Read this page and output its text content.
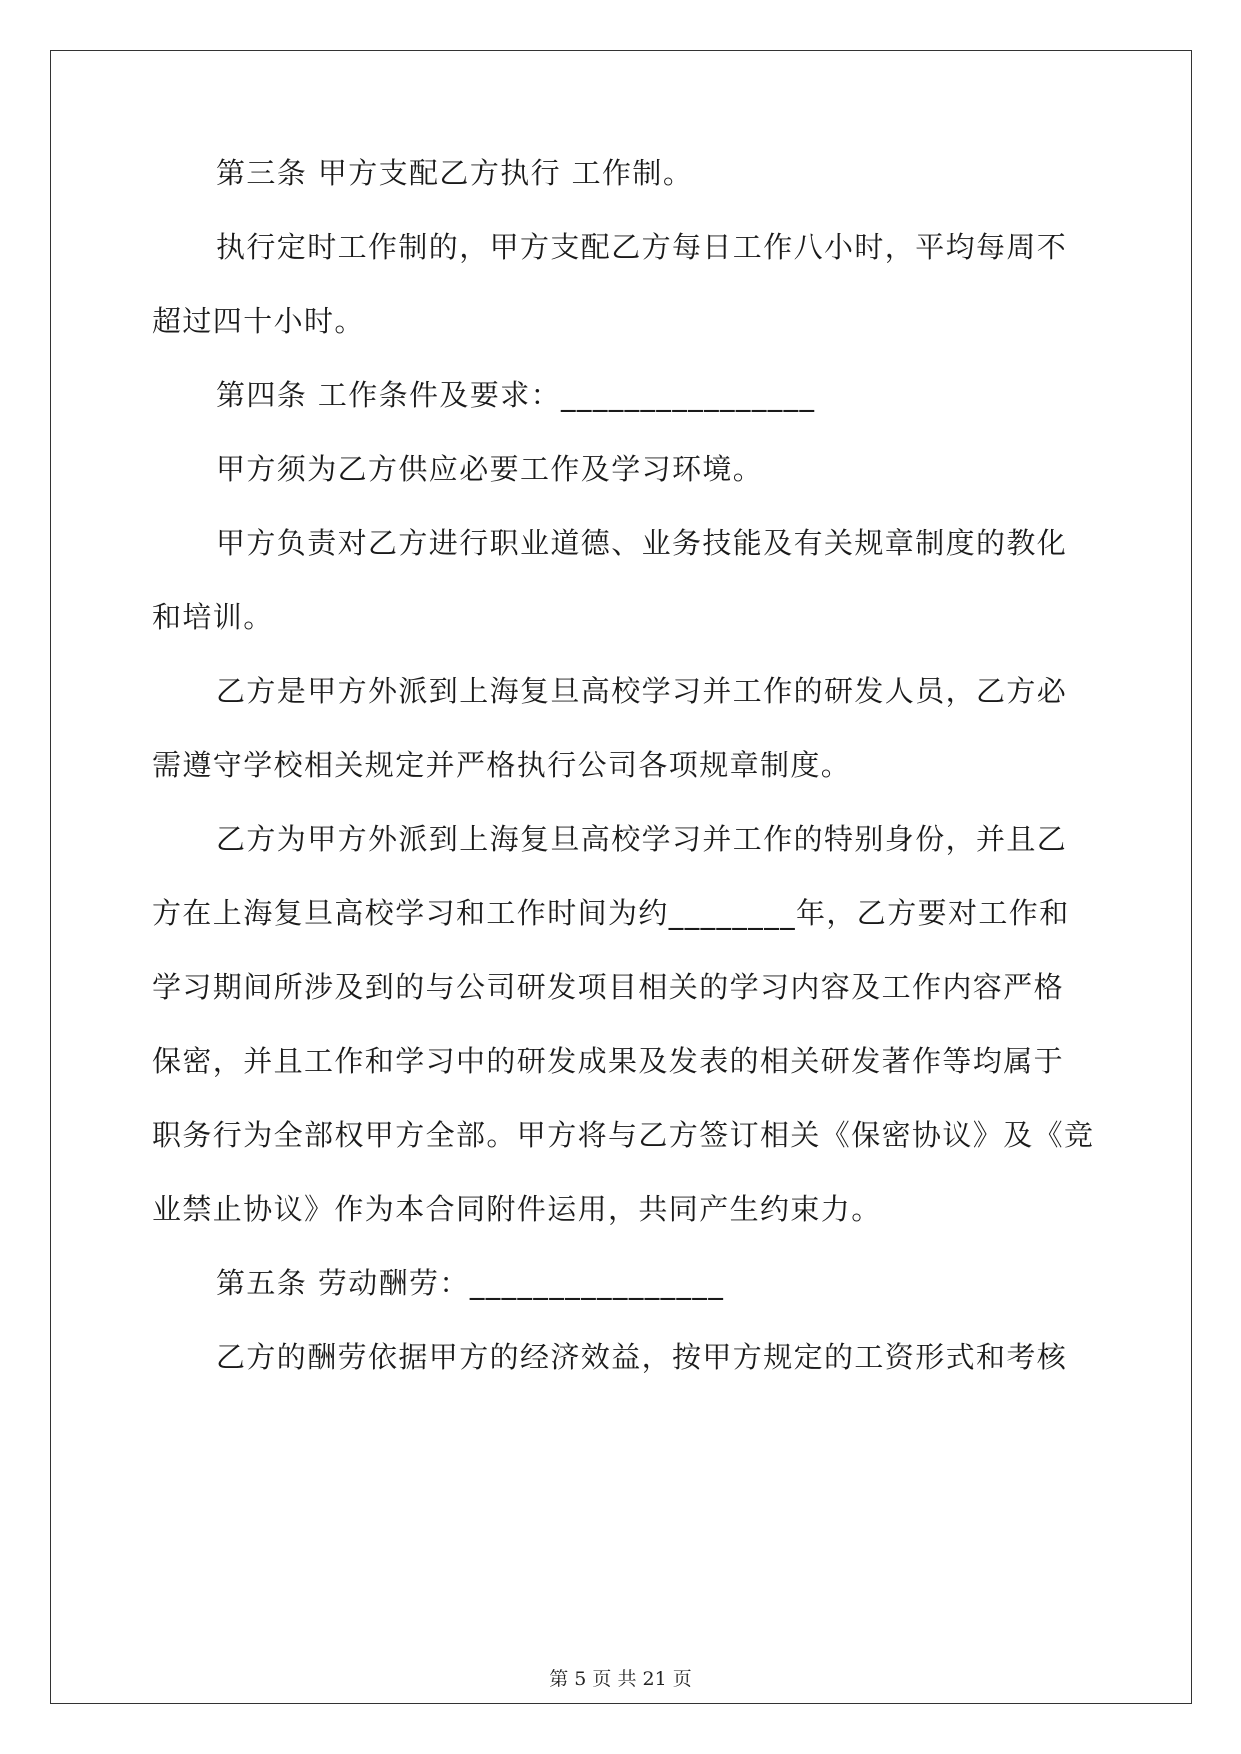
第三条 甲方支配乙方执行 工作制。
执行定时工作制的，甲方支配乙方每日工作八小时，平均每周不
超过四十小时。
第四条 工作条件及要求：________________
甲方须为乙方供应必要工作及学习环境。
甲方负责对乙方进行职业道德、业务技能及有关规章制度的教化
和培训。
乙方是甲方外派到上海复旦高校学习并工作的研发人员，乙方必
需遵守学校相关规定并严格执行公司各项规章制度。
乙方为甲方外派到上海复旦高校学习并工作的特别身份，并且乙
方在上海复旦高校学习和工作时间为约________年，乙方要对工作和
学习期间所涉及到的与公司研发项目相关的学习内容及工作内容严格
保密，并且工作和学习中的研发成果及发表的相关研发著作等均属于
职务行为全部权甲方全部。甲方将与乙方签订相关《保密协议》及《竞
业禁止协议》作为本合同附件运用，共同产生约束力。
第五条 劳动酬劳：________________
乙方的酬劳依据甲方的经济效益，按甲方规定的工资形式和考核
第 5 页 共 21 页
